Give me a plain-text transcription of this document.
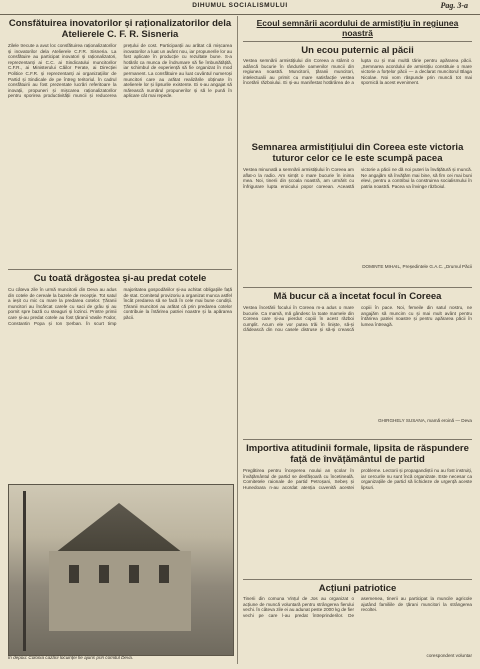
DIHUMUL SOCIALISMULUI	Pag. 3-a

Consfătuirea inovatorilor și raționalizatorilor dela Atelierele C. F. R. Sisneria

Zilele trecute a avut loc consfătuirea raționalizatorilor și inovatorilor dela Atelierele C.F.R. Sisneria. La consfătuire au participat inovatori și raționalizatori, reprezentanți ai C.C. ai Sindicatului muncitorilor C.F.R., ai Ministerului Căilor Ferate, ai Direcției Politice C.F.R. și reprezentanți ai organizațiilor de Partid și Sindicale de pe întreg teritoriul. În cadrul consfătuirii au fost prezentate lucrări referitoare la inovații, propuneri și mișcarea raționalizatorilor pentru sporirea productivității muncii și reducerea prețului de cost. Participanții au arătat că mișcarea inovatorilor a luat un avânt nou, iar propunerile lor au fost aplicate în producție cu rezultate bune. S-a hotărât ca munca de îndrumare să fie îmbunătățită, iar schimbul de experiență să fie organizat în mod permanent. La consfătuire au luat cuvântul numeroși muncitori care au arătat realizările obținute în atelierele lor și lipsurile existente. Ei s-au angajat să mărească numărul propunerilor și să le pună în aplicare cât mai repede.

Cu toată drăgostea și-au predat cotele

Cu câteva zile în urmă muncitorii din Deva au adus din cotele de cereale la bazele de recepție. Tot satul a ieșit cu mic cu mare la predarea cotelor. Țăranii muncitori au încărcat carele cu saci de grâu și au pornit spre bază cu steaguri și lozinci. Printre primii care și-au predat cotele au fost țăranii Vasile Fodor, Constantin Popa și Ion Șerban. În scurt timp majoritatea gospodăriilor și-au achitat obligațiile față de stat. Comitetul provizoriu a organizat munca astfel încât predarea să se facă în cele mai bune condiții. Țăranii muncitori au arătat că prin predarea cotelor contribuie la întărirea patriei noastre și la apărarea păcii.

În depou: Colonia cazării locuinței fie ajuns prin comitul Deva.

Ecoul semnării acordului de armistițiu în regiunea noastră

Un ecou puternic al păcii

Vestea semnării armistițiului din Coreea a stârnit o adâncă bucurie în rândurile oamenilor muncii din regiunea noastră. Muncitorii, țăranii muncitori, intelectualii au primit cu mare satisfacție vestea încetării războiului. Ei și-au manifestat hotărârea de a lupta cu și mai multă tărie pentru apărarea păcii. „Semnarea acordului de armistițiu constituie o mare victorie a forțelor păcii — a declarat muncitorul Blaga Nicolae. Noi vom răspunde prin muncă tot mai spornică la acest eveniment.

Semnarea armistițiului din Coreea este victoria tuturor celor ce le este scumpă pacea

Vestea minunată a semnării armistițiului în Coreea am aflat-o la radio. Am simțit o mare bucurie în inima mea. Noi, tinerii din școala noastră, am urmărit cu înfrigurare lupta eroicului popor coreean. Această victorie a păcii ne dă noi puteri la învățătură și muncă. Ne angajăm să învățăm mai bine, să fim cei mai buni elevi, pentru a contribui la construirea socialismului în patria noastră. Pacea va învinge războiul.

DOMINTE MIHAIL, Președintele G.A.C. „Drumul Păcii

Mă bucur că a încetat focul în Coreea

Vestea încetării focului în Coreea m-a adus o mare bucurie. Ca mamă, mă gândesc la toate mamele din Coreea care și-au pierdut copiii în acest război cumplit. Acum ele vor putea trăi în liniște, să-și clădească din nou casele distruse și să-și crească copiii în pace. Noi, femeile din satul nostru, ne angajăm să muncim cu și mai mult avânt pentru întărirea patriei noastre și pentru apărarea păcii în lumea întreagă.

GHIRGHELY SUSANA, mamă eroină — Deva

Importiva atitudinii formale, lipsita de răspundere față de învățământul de partid

Pregătirea pentru începerea noului an școlar în învățământul de partid se desfășoară cu încetineală. Comitetele raionale de partid Petroșani, Sebeș și Hunedoara n-au acordat atenția cuvenită acestei probleme. Lectorii și propagandiștii nu au fost instruiți, iar cercurile nu sunt încă organizate. Este necesar ca organizațiile de partid să lichideze de urgență aceste lipsuri.

Acțiuni patriotice

Tinerii din comuna Vințul de Jos au organizat o acțiune de muncă voluntară pentru strângerea fierului vechi. În câteva zile ei au adunat peste 2000 kg de fier vechi pe care l-au predat întreprinderilor. De asemenea, tinerii au participat la muncile agricole ajutând familiile de țărani muncitori la strângerea recoltei.

corespondent voluntar
